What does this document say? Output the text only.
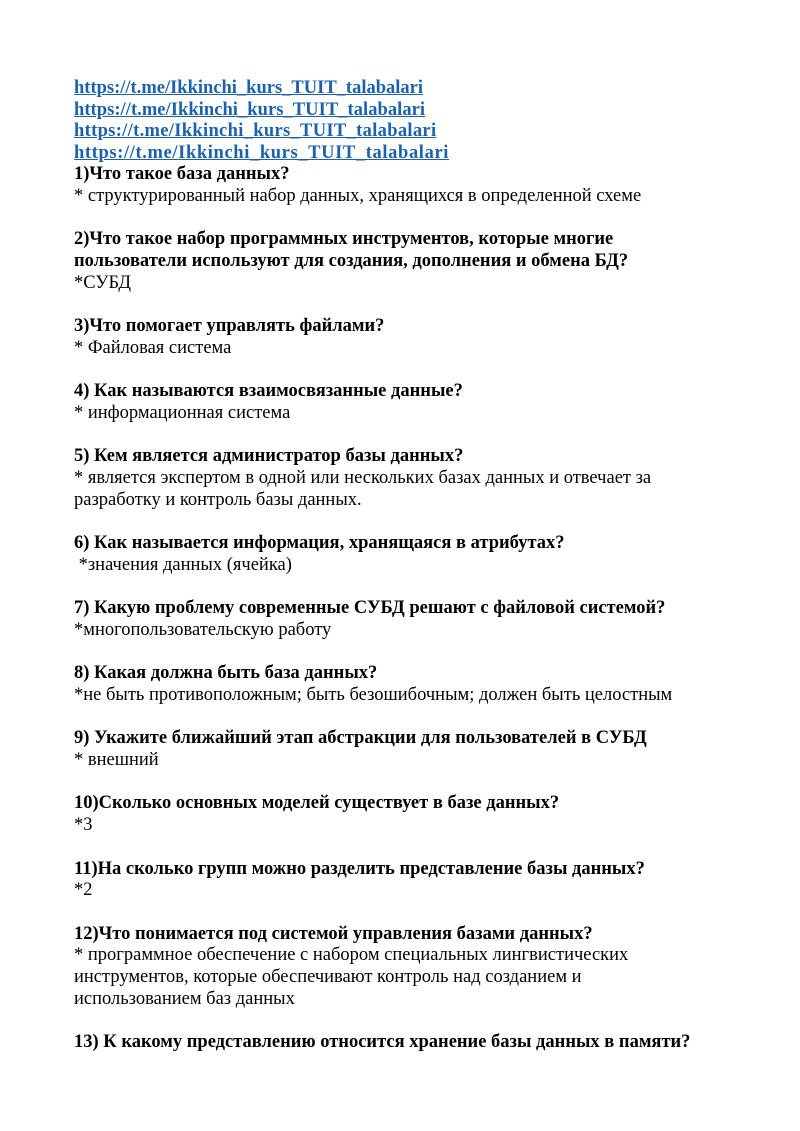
https://t.me/Ikkinchi_kurs_TUIT_talabalari
https://t.me/Ikkinchi_kurs_TUIT_talabalari
https://t.me/Ikkinchi_kurs_TUIT_talabalari
https://t.me/Ikkinchi_kurs_TUIT_talabalari

1)Что такое база данных?

* структурированный набор данных, хранящихся в определенной схеме

2)Что такое набор программных инструментов, которые многие пользователи используют для создания, дополнения и обмена БД?

*СУБД

3)Что помогает управлять файлами?

* Файловая система

4) Как называются взаимосвязанные данные?

* информационная система

5) Кем является администратор базы данных?

* является экспертом в одной или нескольких базах данных и отвечает за разработку и контроль базы данных.

6) Как называется информация, хранящаяся в атрибутах?

*значения данных (ячейка)

7) Какую проблему современные СУБД решают с файловой системой?

*многопользовательскую работу

8) Какая должна быть база данных?

*не быть противоположным; быть безошибочным; должен быть целостным

9) Укажите ближайший этап абстракции для пользователей в СУБД

* внешний

10)Сколько основных моделей существует в базе данных?

*3

11)На сколько групп можно разделить представление базы данных?

*2

12)Что понимается под системой управления базами данных?

* программное обеспечение с набором специальных лингвистических инструментов, которые обеспечивают контроль над созданием и использованием баз данных

13) К какому представлению относится хранение базы данных в памяти?
